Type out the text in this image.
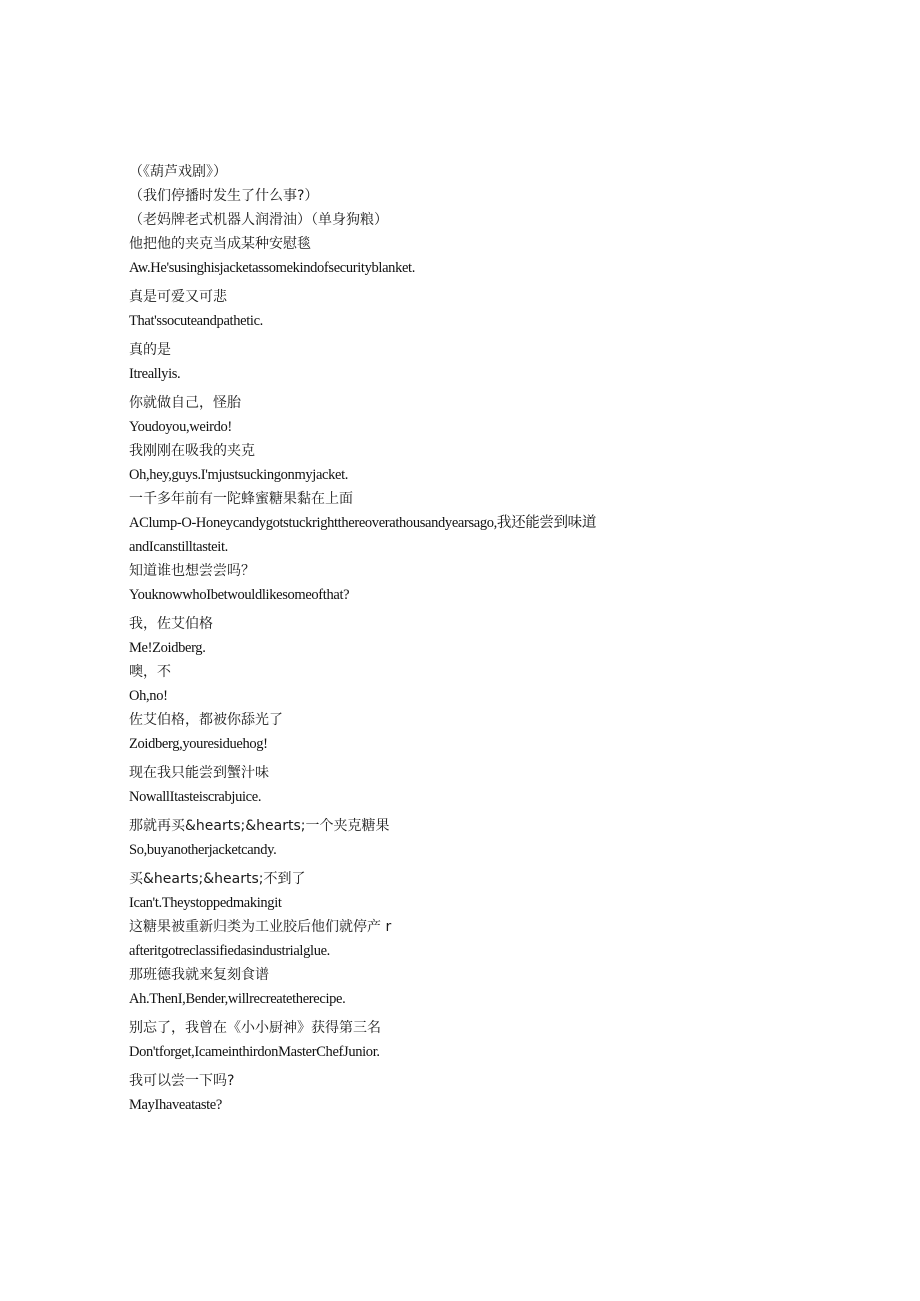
（《葫芦戏剧》）
（我们停播时发生了什么事?）
（老妈牌老式机器人润滑油）（单身狗粮）
他把他的夹克当成某种安慰毯
Aw.He'susinghisjacketassomekindofsecurityblanket.
真是可爱又可悲
That'ssocuteandpathetic.
真的是
Itreallyis.
你就做自己，怪胎
Youdoyou,weirdo!
我刚刚在吸我的夹克
Oh,hey,guys.I'mjustsuckingonmyjacket.
一千多年前有一陀蜂蜜糖果黏在上面
AClump-O-Honeycandygotstuckrightthereoverathousandyearsago,我还能尝到味道
andIcanstilltasteit.
知道谁也想尝尝吗？
YouknowwhoIbetwouldlikesomeofthat?
我，佐艾伯格
Me!Zoidberg.
噢，不
Oh,no!
佐艾伯格，都被你舔光了
Zoidberg,youresiduehog!
现在我只能尝到蟹汁味
NowallItasteiscrabjuice.
那就再买&hearts;&hearts;一个夹克糖果
So,buyanotherjacketcandy.
买&hearts;&hearts;不到了
Ican't.Theystoppedmakingit
这糖果被重新归类为工业胶后他们就停产 r
afteritgotreclassifiedasindustrialglue.
那班德我就来复刻食谱
Ah.ThenI,Bender,willrecreatetherecipe.
别忘了，我曾在《小小厨神》获得第三名
Don'tforget,IcameinthirdonMasterChefJunior.
我可以尝一下吗?
MayIhaveataste?
